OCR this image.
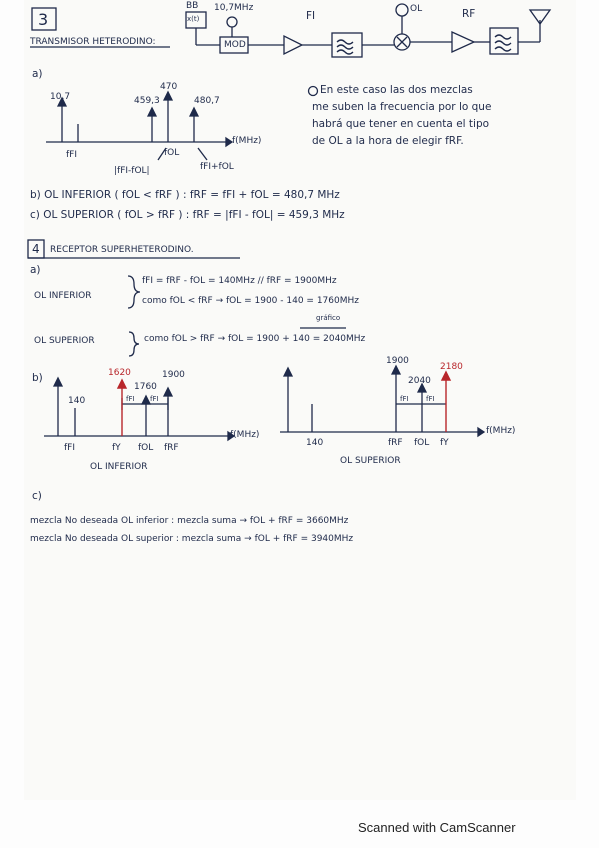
3
TRANSMISOR HETERODINO:
BB
x(t)
10,7MHz
MOD
FI
OL	RF
a)
10,7	459,3
470
480,7
f(MHz)
fFI
|fFI-fOL|
fOL
fFI+fOL
En este caso las dos mezclas
me suben la frecuencia por lo que
habrá que tener en cuenta el tipo
de OL a la hora de elegir fRF.
b) OL INFERIOR ( fOL < fRF ) : fRF = fFI + fOL = 480,7 MHz
c) OL SUPERIOR ( fOL > fRF ) : fRF = |fFI - fOL| = 459,3 MHz
4 RECEPTOR SUPERHETERODINO.
a)
OL INFERIOR
fFI = fRF - fOL = 140MHz // fRF = 1900MHz
como fOL < fRF → fOL = 1900 - 140 = 1760MHz
gráfico
OL SUPERIOR	como fOL > fRF → fOL = 1900 + 140 = 2040MHz
b)
140
1620
1760
1900
fFI fFI
fFI	fY fOL fRF
f(MHz)
OL INFERIOR
140
1900
2040
2180
fFI fFI
fRF fOL fY
f(MHz)
OL SUPERIOR
c)
mezcla No deseada OL inferior : mezcla suma → fOL + fRF = 3660MHz
mezcla No deseada OL superior : mezcla suma → fOL + fRF = 3940MHz
Scanned with CamScanner
